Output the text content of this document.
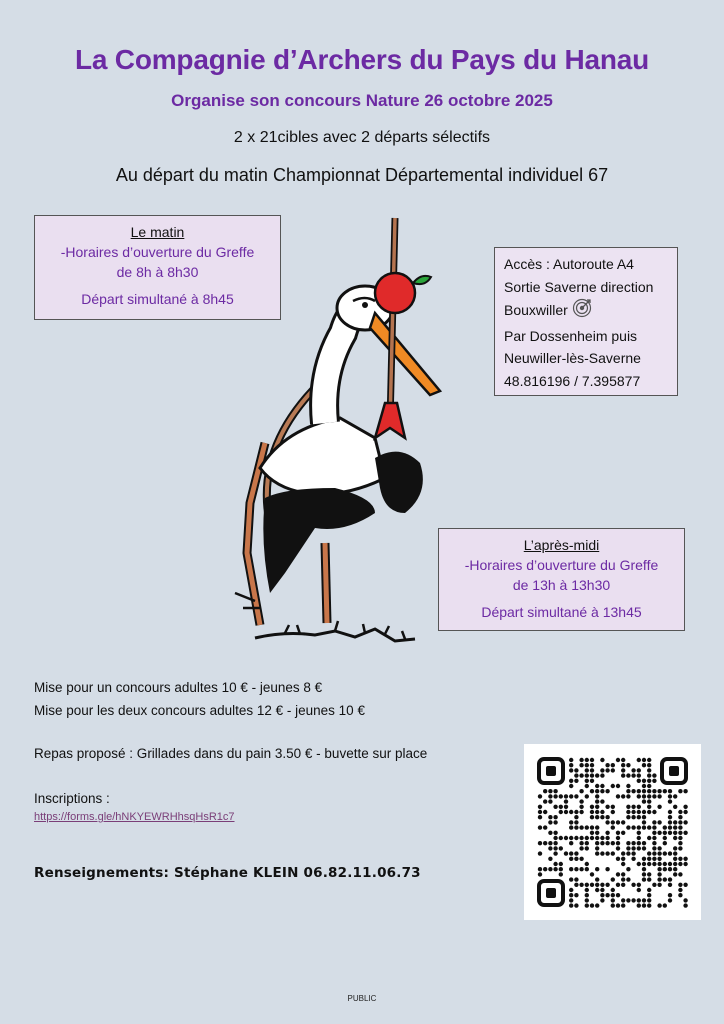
La Compagnie d’Archers du Pays du Hanau
Organise son concours Nature 26 octobre 2025
2 x 21cibles avec 2 départs sélectifs
Au départ du matin Championnat Départemental individuel 67
Le matin
-Horaires d’ouverture du Greffe
de 8h à 8h30
Départ simultané à 8h45
Accès : Autoroute A4
Sortie Saverne direction
Bouxwiller
Par Dossenheim puis
Neuwiller-lès-Saverne
48.816196 / 7.395877
L’après-midi
-Horaires d’ouverture du Greffe
de 13h à 13h30
Départ simultané à 13h45
Mise pour un concours adultes 10 € - jeunes 8 €
Mise pour les deux concours adultes 12 € - jeunes 10 €
Repas proposé : Grillades dans du pain 3.50 € - buvette sur place
Inscriptions :
https://forms.gle/hNKYEWRHhsqHsR1c7
Renseignements: Stéphane KLEIN 06.82.11.06.73
PUBLIC
